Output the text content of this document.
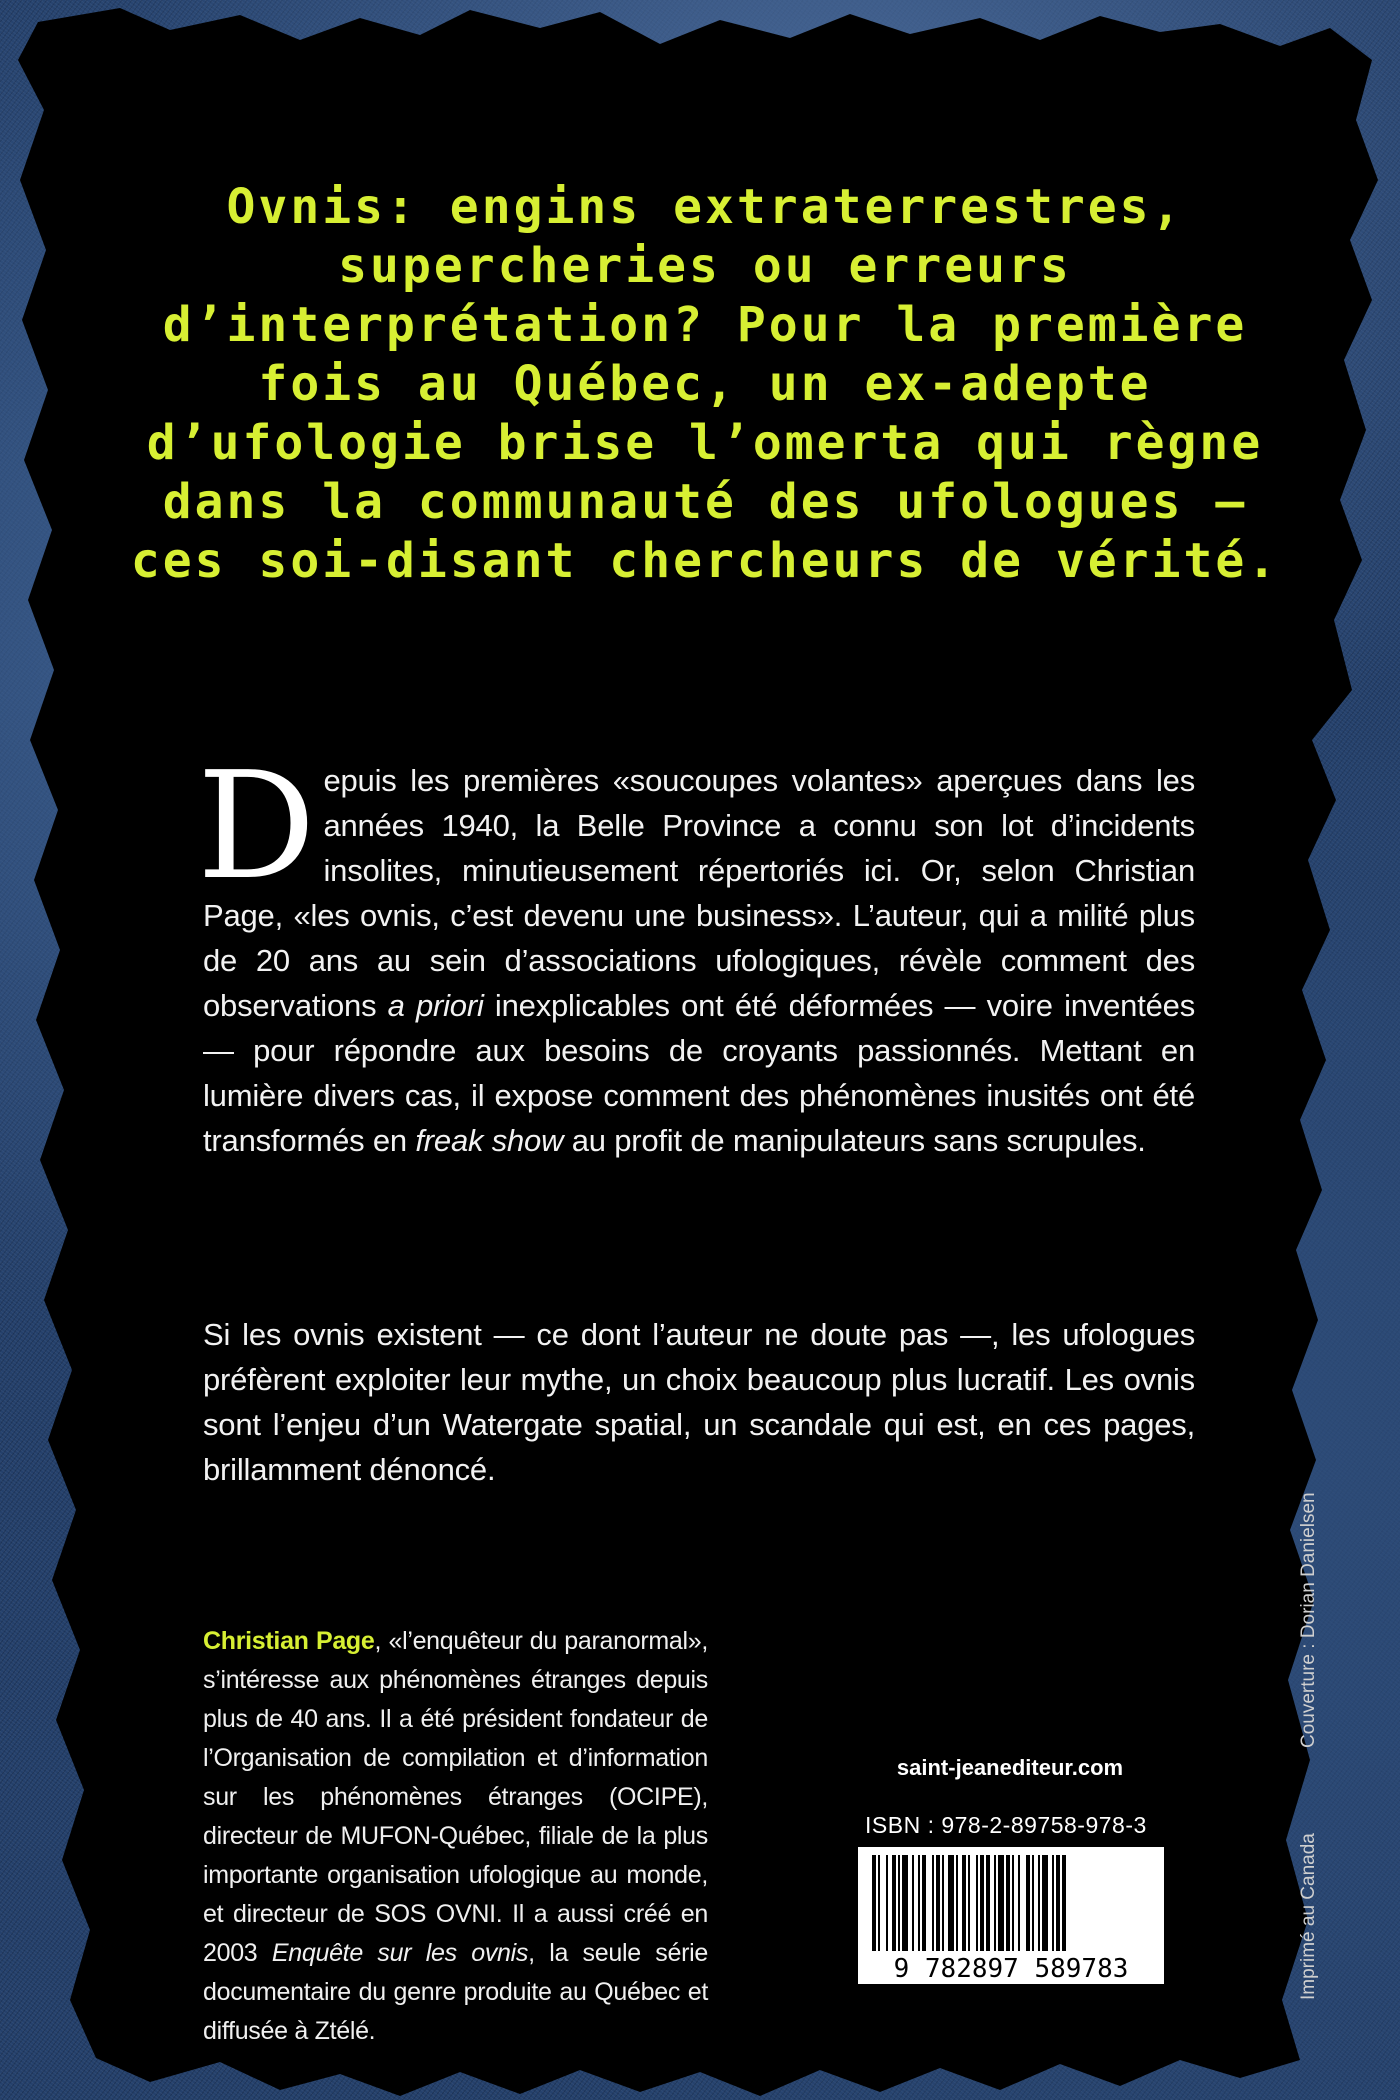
Ovnis: engins extraterrestres, supercheries ou erreurs d’interprétation? Pour la première fois au Québec, un ex-adepte d’ufologie brise l’omerta qui règne dans la communauté des ufologues – ces soi-disant chercheurs de vérité.

Depuis les premières «soucoupes volantes» aperçues dans les années 1940, la Belle Province a connu son lot d’incidents insolites, minutieusement répertoriés ici. Or, selon Christian Page, «les ovnis, c’est devenu une business». L’auteur, qui a milité plus de 20 ans au sein d’associations ufologiques, révèle comment des observations a priori inexplicables ont été déformées — voire inventées — pour répondre aux besoins de croyants passionnés. Mettant en lumière divers cas, il expose comment des phénomènes inusités ont été transformés en freak show au profit de manipulateurs sans scrupules.

Si les ovnis existent — ce dont l’auteur ne doute pas —, les ufologues préfèrent exploiter leur mythe, un choix beaucoup plus lucratif. Les ovnis sont l’enjeu d’un Watergate spatial, un scandale qui est, en ces pages, brillamment dénoncé.

Christian Page, «l’enquêteur du paranormal», s’intéresse aux phénomènes étranges depuis plus de 40 ans. Il a été président fondateur de l’Organisation de compilation et d’information sur les phénomènes étranges (OCIPE), directeur de MUFON-Québec, filiale de la plus importante organisation ufologique au monde, et directeur de SOS OVNI. Il a aussi créé en 2003 Enquête sur les ovnis, la seule série documentaire du genre produite au Québec et diffusée à Ztélé.

saint-jeanediteur.com
ISBN : 978-2-89758-978-3
9 782897 589783
Couverture : Dorian Danielsen
Imprimé au Canada
